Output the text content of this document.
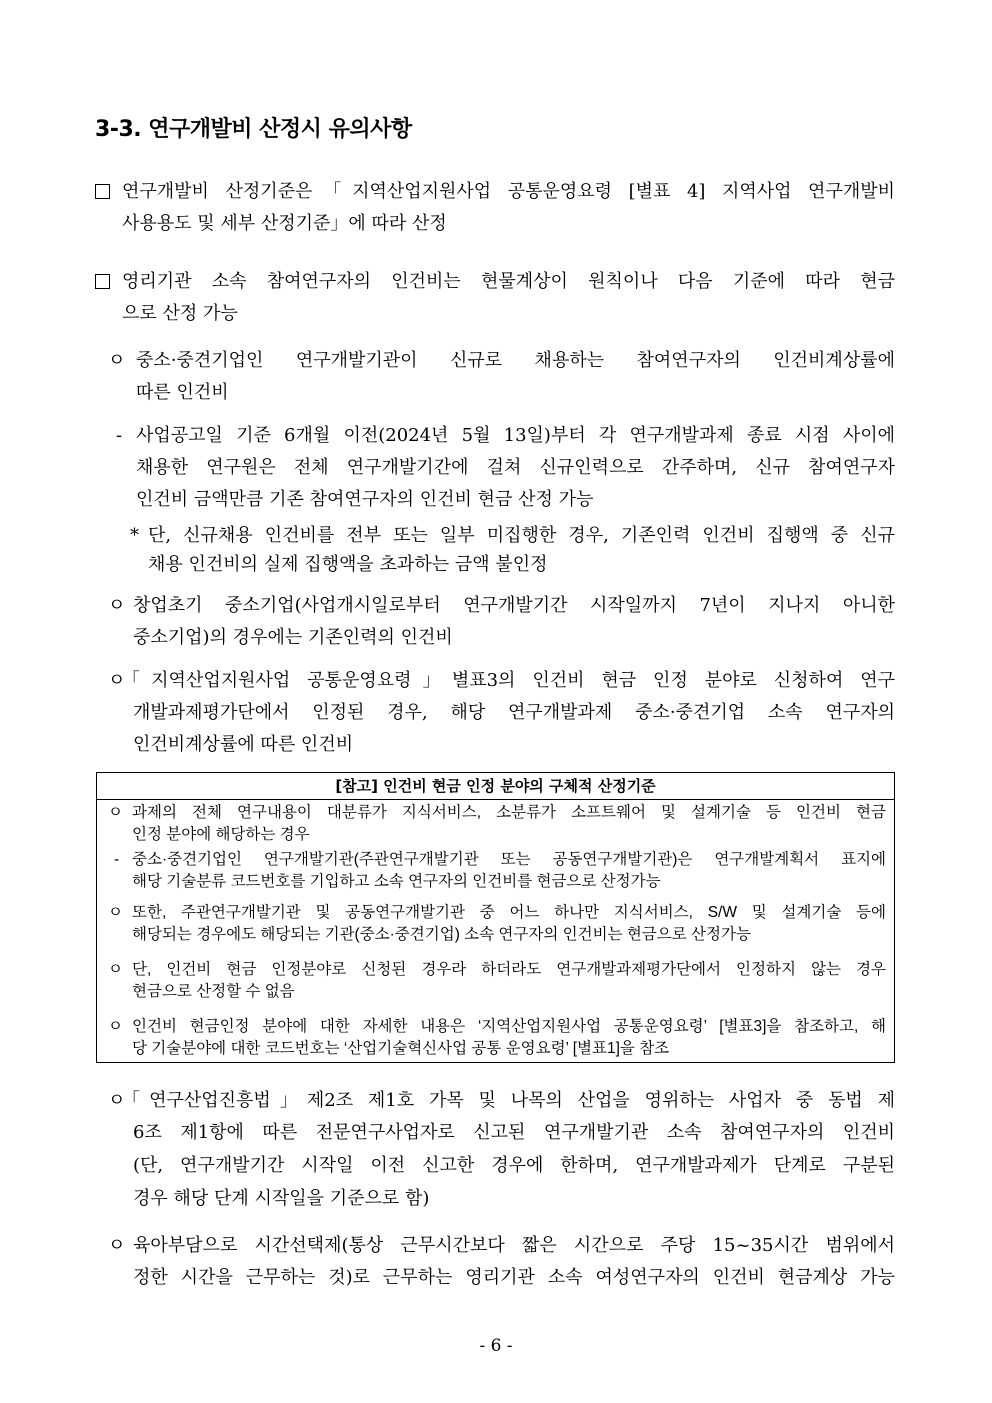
3-3. 연구개발비 산정시 유의사항
연구개발비 산정기준은「지역산업지원사업 공통운영요령 [별표 4] 지역사업 연구개발비
사용용도 및 세부 산정기준」에 따라 산정
영리기관 소속 참여연구자의 인건비는 현물계상이 원칙이나 다음 기준에 따라 현금
으로 산정 가능
ㅇ 중소·중견기업인 연구개발기관이 신규로 채용하는 참여연구자의 인건비계상률에
따른 인건비
- 사업공고일 기준 6개월 이전(2024년 5월 13일)부터 각 연구개발과제 종료 시점 사이에
채용한 연구원은 전체 연구개발기간에 걸쳐 신규인력으로 간주하며, 신규 참여연구자
인건비 금액만큼 기존 참여연구자의 인건비 현금 산정 가능
* 단, 신규채용 인건비를 전부 또는 일부 미집행한 경우, 기존인력 인건비 집행액 중 신규
채용 인건비의 실제 집행액을 초과하는 금액 불인정
ㅇ 창업초기 중소기업(사업개시일로부터 연구개발기간 시작일까지 7년이 지나지 아니한
중소기업)의 경우에는 기존인력의 인건비
ㅇ
「지역산업지원사업 공통운영요령」별표3의 인건비 현금 인정 분야로 신청하여 연구
개발과제평가단에서 인정된 경우, 해당 연구개발과제 중소·중견기업 소속 연구자의
인건비계상률에 따른 인건비
[참고] 인건비 현금 인정 분야의 구체적 산정기준
ㅇ 과제의 전체 연구내용이 대분류가 지식서비스, 소분류가 소프트웨어 및 설계기술 등 인건비 현금
인정 분야에 해당하는 경우
- 중소·중견기업인 연구개발기관(주관연구개발기관 또는 공동연구개발기관)은 연구개발계획서 표지에
해당 기술분류 코드번호를 기입하고 소속 연구자의 인건비를 현금으로 산정가능
ㅇ 또한, 주관연구개발기관 및 공동연구개발기관 중 어느 하나만 지식서비스, S/W 및 설계기술 등에
해당되는 경우에도 해당되는 기관(중소·중견기업) 소속 연구자의 인건비는 현금으로 산정가능
ㅇ 단, 인건비 현금 인정분야로 신청된 경우라 하더라도 연구개발과제평가단에서 인정하지 않는 경우
현금으로 산정할 수 없음
ㅇ 인건비 현금인정 분야에 대한 자세한 내용은 ‘지역산업지원사업 공통운영요령’ [별표3]을 참조하고, 해
당 기술분야에 대한 코드번호는 ‘산업기술혁신사업 공통 운영요령’ [별표1]을 참조
ㅇ
「연구산업진흥법」제2조 제1호 가목 및 나목의 산업을 영위하는 사업자 중 동법 제
6조 제1항에 따른 전문연구사업자로 신고된 연구개발기관 소속 참여연구자의 인건비
(단, 연구개발기간 시작일 이전 신고한 경우에 한하며, 연구개발과제가 단계로 구분된
경우 해당 단계 시작일을 기준으로 함)
ㅇ 육아부담으로 시간선택제(통상 근무시간보다 짧은 시간으로 주당 15~35시간 범위에서
정한 시간을 근무하는 것)로 근무하는 영리기관 소속 여성연구자의 인건비 현금계상 가능
- 6 -
